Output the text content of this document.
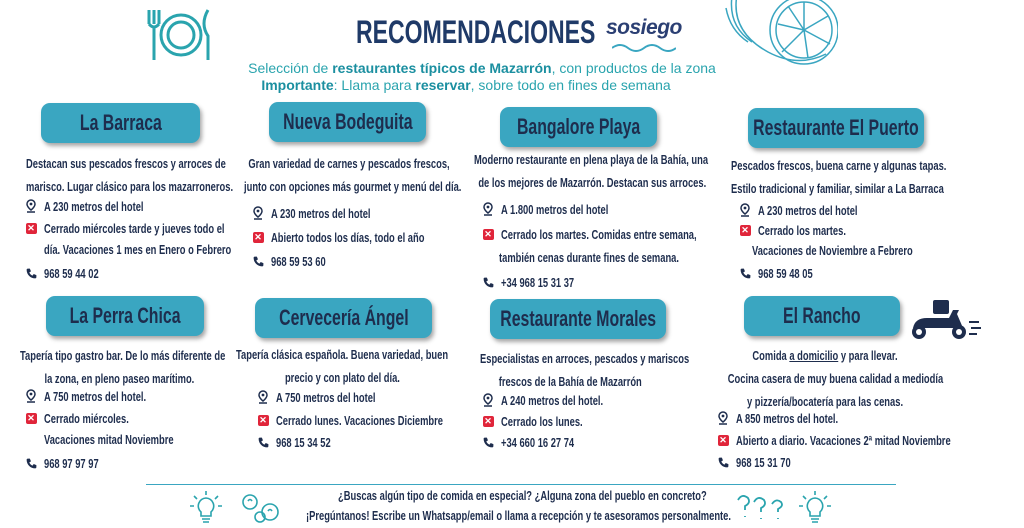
RECOMENDACIONES sosiego
Selección de restaurantes típicos de Mazarrón, con productos de la zona
Importante: Llama para reservar, sobre todo en fines de semana
La Barraca
Destacan sus pescados frescos y arroces de
marisco. Lugar clásico para los mazarroneros.
A 230 metros del hotel
✕ Cerrado miércoles tarde y jueves todo el
día. Vacaciones 1 mes en Enero o Febrero
968 59 44 02
Nueva Bodeguita
Gran variedad de carnes y pescados frescos,
junto con opciones más gourmet y menú del día.
A 230 metros del hotel
✕ Abierto todos los días, todo el año
968 59 53 60
Bangalore Playa
Moderno restaurante en plena playa de la Bahía, una
de los mejores de Mazarrón. Destacan sus arroces.
A 1.800 metros del hotel
✕ Cerrado los martes. Comidas entre semana,
también cenas durante fines de semana.
+34 968 15 31 37
Restaurante El Puerto
Pescados frescos, buena carne y algunas tapas.
Estilo tradicional y familiar, similar a La Barraca
A 230 metros del hotel
✕ Cerrado los martes.
Vacaciones de Noviembre a Febrero
968 59 48 05
La Perra Chica
Tapería tipo gastro bar. De lo más diferente de
la zona, en pleno paseo marítimo.
A 750 metros del hotel.
✕ Cerrado miércoles.
Vacaciones mitad Noviembre
968 97 97 97
Cervecería Ángel
Tapería clásica española. Buena variedad, buen
precio y con plato del día.
A 750 metros del hotel
✕ Cerrado lunes. Vacaciones Diciembre
968 15 34 52
Restaurante Morales
Especialistas en arroces, pescados y mariscos
frescos de la Bahía de Mazarrón
A 240 metros del hotel.
✕ Cerrado los lunes.
+34 660 16 27 74
El Rancho
Comida a domicilio y para llevar.
Cocina casera de muy buena calidad a mediodía
y pizzería/bocatería para las cenas.
A 850 metros del hotel.
✕ Abierto a diario. Vacaciones 2ª mitad Noviembre
968 15 31 70
¿Buscas algún tipo de comida en especial? ¿Alguna zona del pueblo en concreto?
¡Pregúntanos! Escribe un Whatsapp/email o llama a recepción y te asesoramos personalmente.
